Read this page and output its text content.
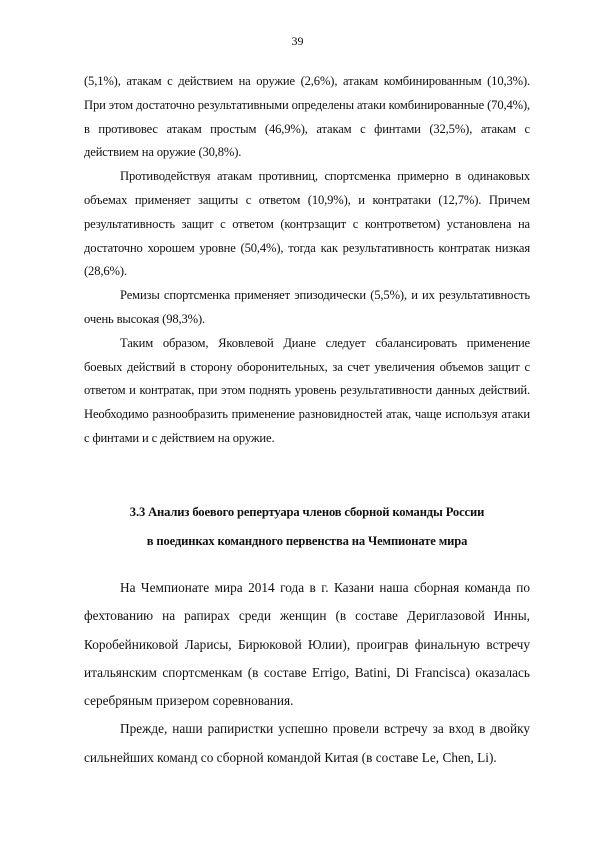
39

(5,1%), атакам с действием на оружие (2,6%), атакам комбинированным (10,3%). При этом достаточно результативными определены атаки комбинированные (70,4%), в противовес атакам простым (46,9%), атакам с финтами (32,5%), атакам с действием на оружие (30,8%).

Противодействуя атакам противниц, спортсменка примерно в одинаковых объемах применяет защиты с ответом (10,9%), и контратаки (12,7%). Причем результативность защит с ответом (контрзащит с контрответом) установлена на достаточно хорошем уровне (50,4%), тогда как результативность контратак низкая (28,6%).

Ремизы спортсменка применяет эпизодически (5,5%), и их результативность очень высокая (98,3%).

Таким образом, Яковлевой Диане следует сбалансировать применение боевых действий в сторону оборонительных, за счет увеличения объемов защит с ответом и контратак, при этом поднять уровень результативности данных действий. Необходимо разнообразить применение разновидностей атак, чаще используя атаки с финтами и с действием на оружие.

3.3 Анализ боевого репертуара членов сборной команды России

в поединках командного первенства на Чемпионате мира

На Чемпионате мира 2014 года в г. Казани наша сборная команда по фехтованию на рапирах среди женщин (в составе Дериглазовой Инны, Коробейниковой Ларисы, Бирюковой Юлии), проиграв финальную встречу итальянским спортсменкам (в составе Errigo, Batini, Di Francisca) оказалась серебряным призером соревнования.

Прежде, наши рапиристки успешно провели встречу за вход в двойку сильнейших команд со сборной командой Китая (в составе Le, Chen, Li).
